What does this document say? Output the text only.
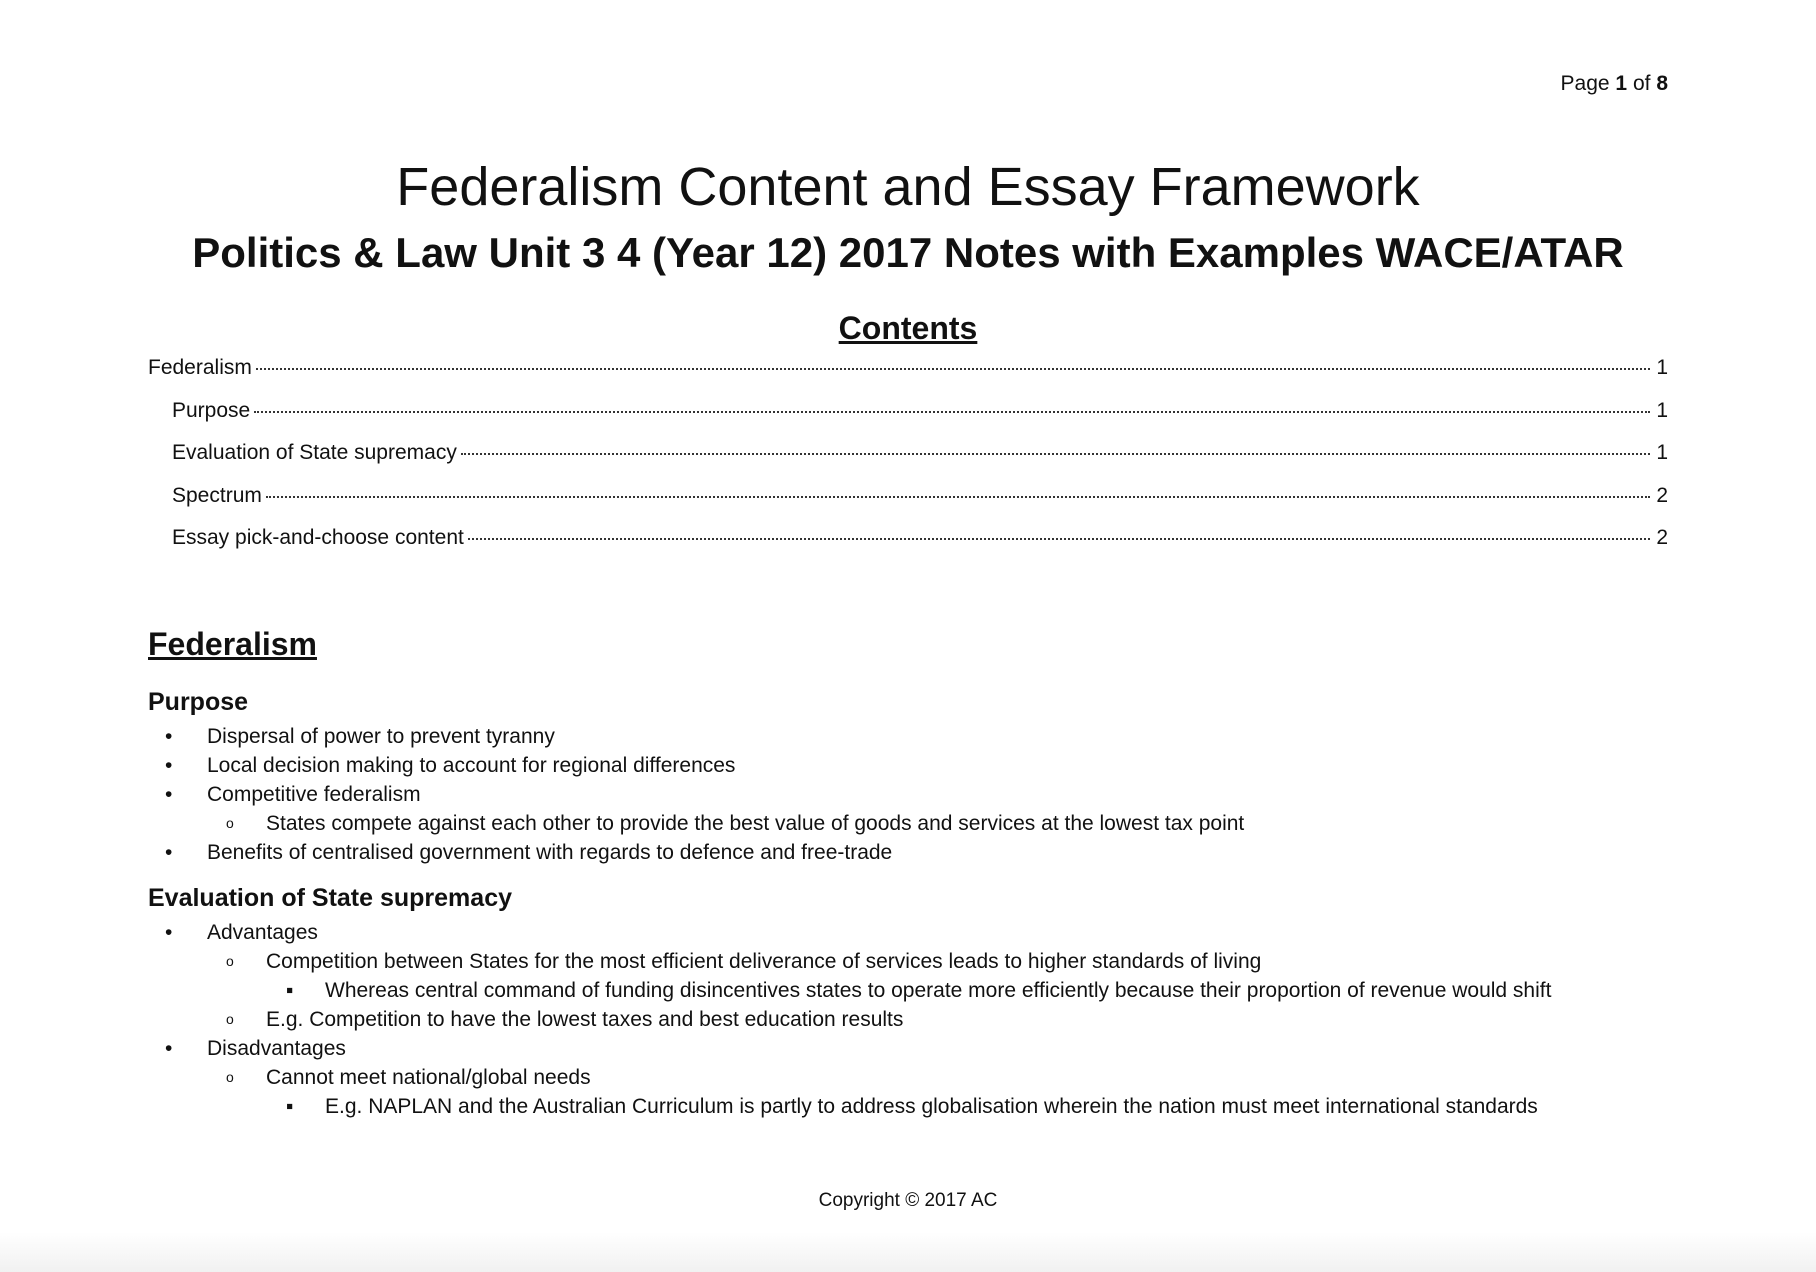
Page 1 of 8
Federalism Content and Essay Framework
Politics & Law Unit 3 4 (Year 12) 2017 Notes with Examples WACE/ATAR
Contents
Federalism	1
Purpose	1
Evaluation of State supremacy	1
Spectrum	2
Essay pick-and-choose content	2
Federalism
Purpose
• Dispersal of power to prevent tyranny
• Local decision making to account for regional differences
• Competitive federalism
o States compete against each other to provide the best value of goods and services at the lowest tax point
• Benefits of centralised government with regards to defence and free-trade
Evaluation of State supremacy
• Advantages
o Competition between States for the most efficient deliverance of services leads to higher standards of living
▪ Whereas central command of funding disincentives states to operate more efficiently because their proportion of revenue would shift
o E.g. Competition to have the lowest taxes and best education results
• Disadvantages
o Cannot meet national/global needs
▪ E.g. NAPLAN and the Australian Curriculum is partly to address globalisation wherein the nation must meet international standards
Copyright © 2017 AC
